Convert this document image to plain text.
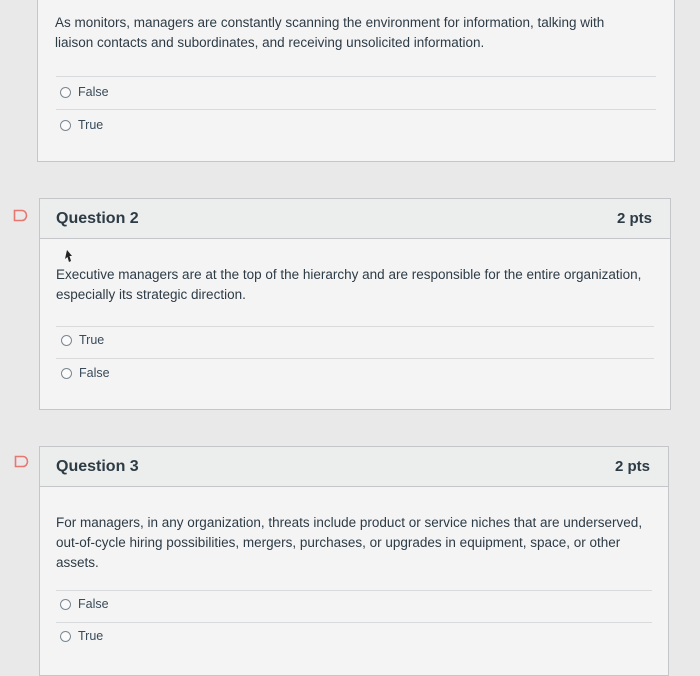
As monitors, managers are constantly scanning the environment for information, talking with liaison contacts and subordinates, and receiving unsolicited information.
False
True
Question 2	2 pts
Executive managers are at the top of the hierarchy and are responsible for the entire organization, especially its strategic direction.
True
False
Question 3	2 pts
For managers, in any organization, threats include product or service niches that are underserved, out-of-cycle hiring possibilities, mergers, purchases, or upgrades in equipment, space, or other assets.
False
True
